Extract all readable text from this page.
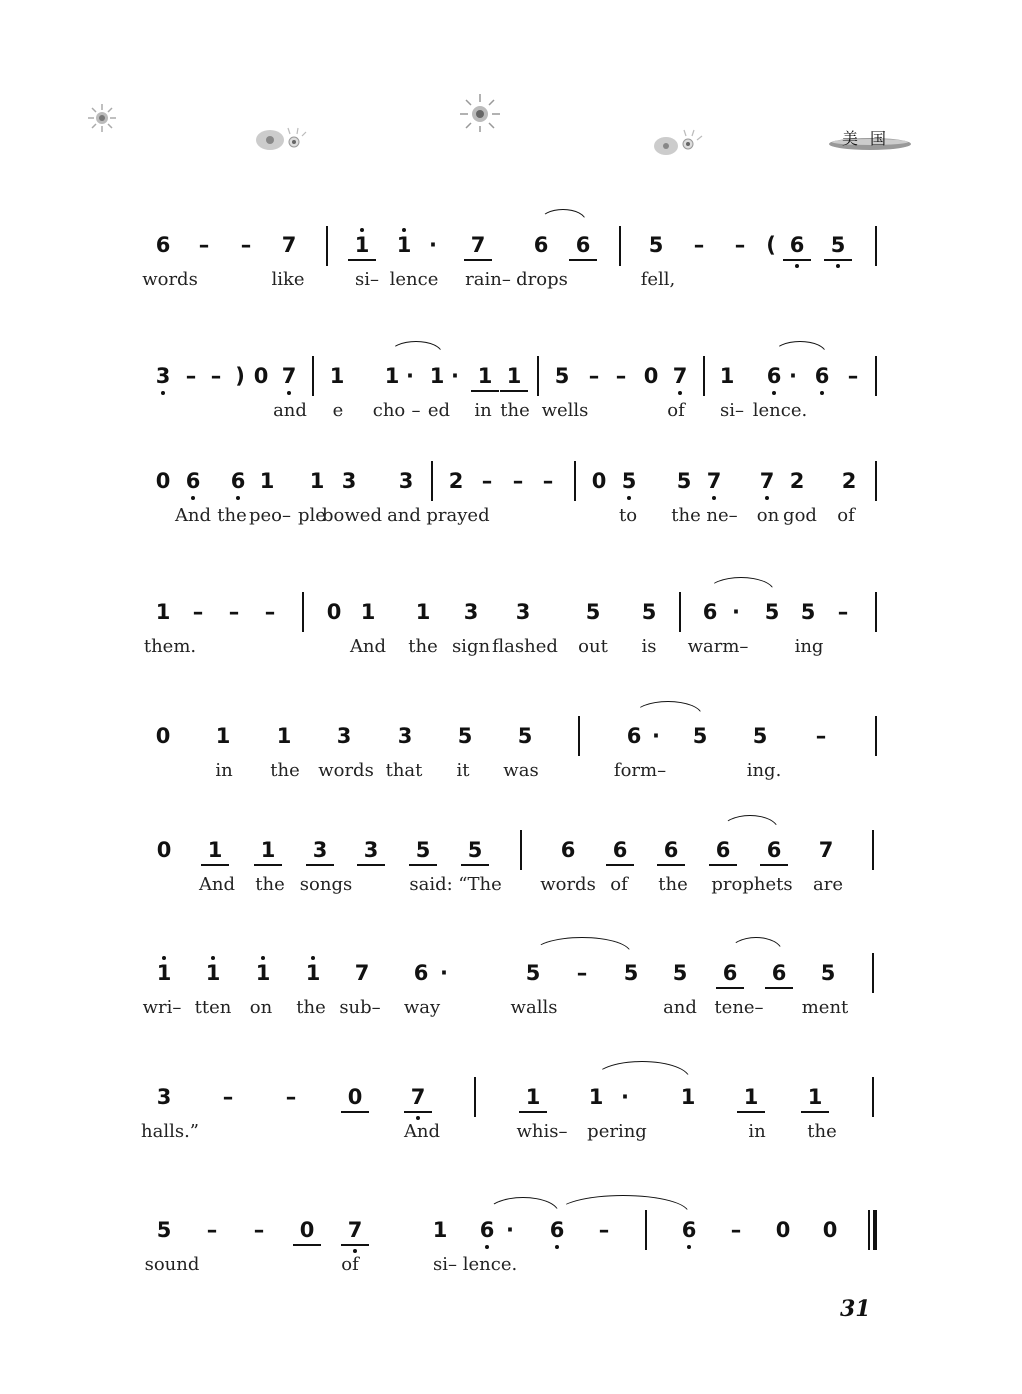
美国
6 – – 7	1 1 · 7 6 6	5 – – ( 6 5
words	like	si– lence rain– drops	fell,
3 – – ) 0 7 1 1 · 1 · 1 1 5 – – 0 7 1 6 · 6 –
and e cho – ed in the wells	of si– lence.
0 6 6 1 1 3 3 2 – – – 0 5 5 7 7 2 2
And the peo– ple
bowed and prayed	to the ne– on god of
1 – – – 0 1 1 3 3	5 5 6 · 5 5 –
them.	And the sign flashed out is warm–	ing
0 1 1 3 3 5 5	6 · 5 5 –
in the words that it was	form–	ing.
0 1 1 3 3 5 5	6 6 6 6 6 7
And the songs	said: “The words of the prophets are
1 1 1 1 7 6 ·	5 – 5 5 6 6 5
wri– tten on the sub– way	walls	and tene– ment
3 –	– 0 7	1 1 · 1 1 1
halls.”	And	whis– pering	in the
5 – – 0 7	1 6 · 6 –	6 – 0 0
sound	of	si– lence.
31
